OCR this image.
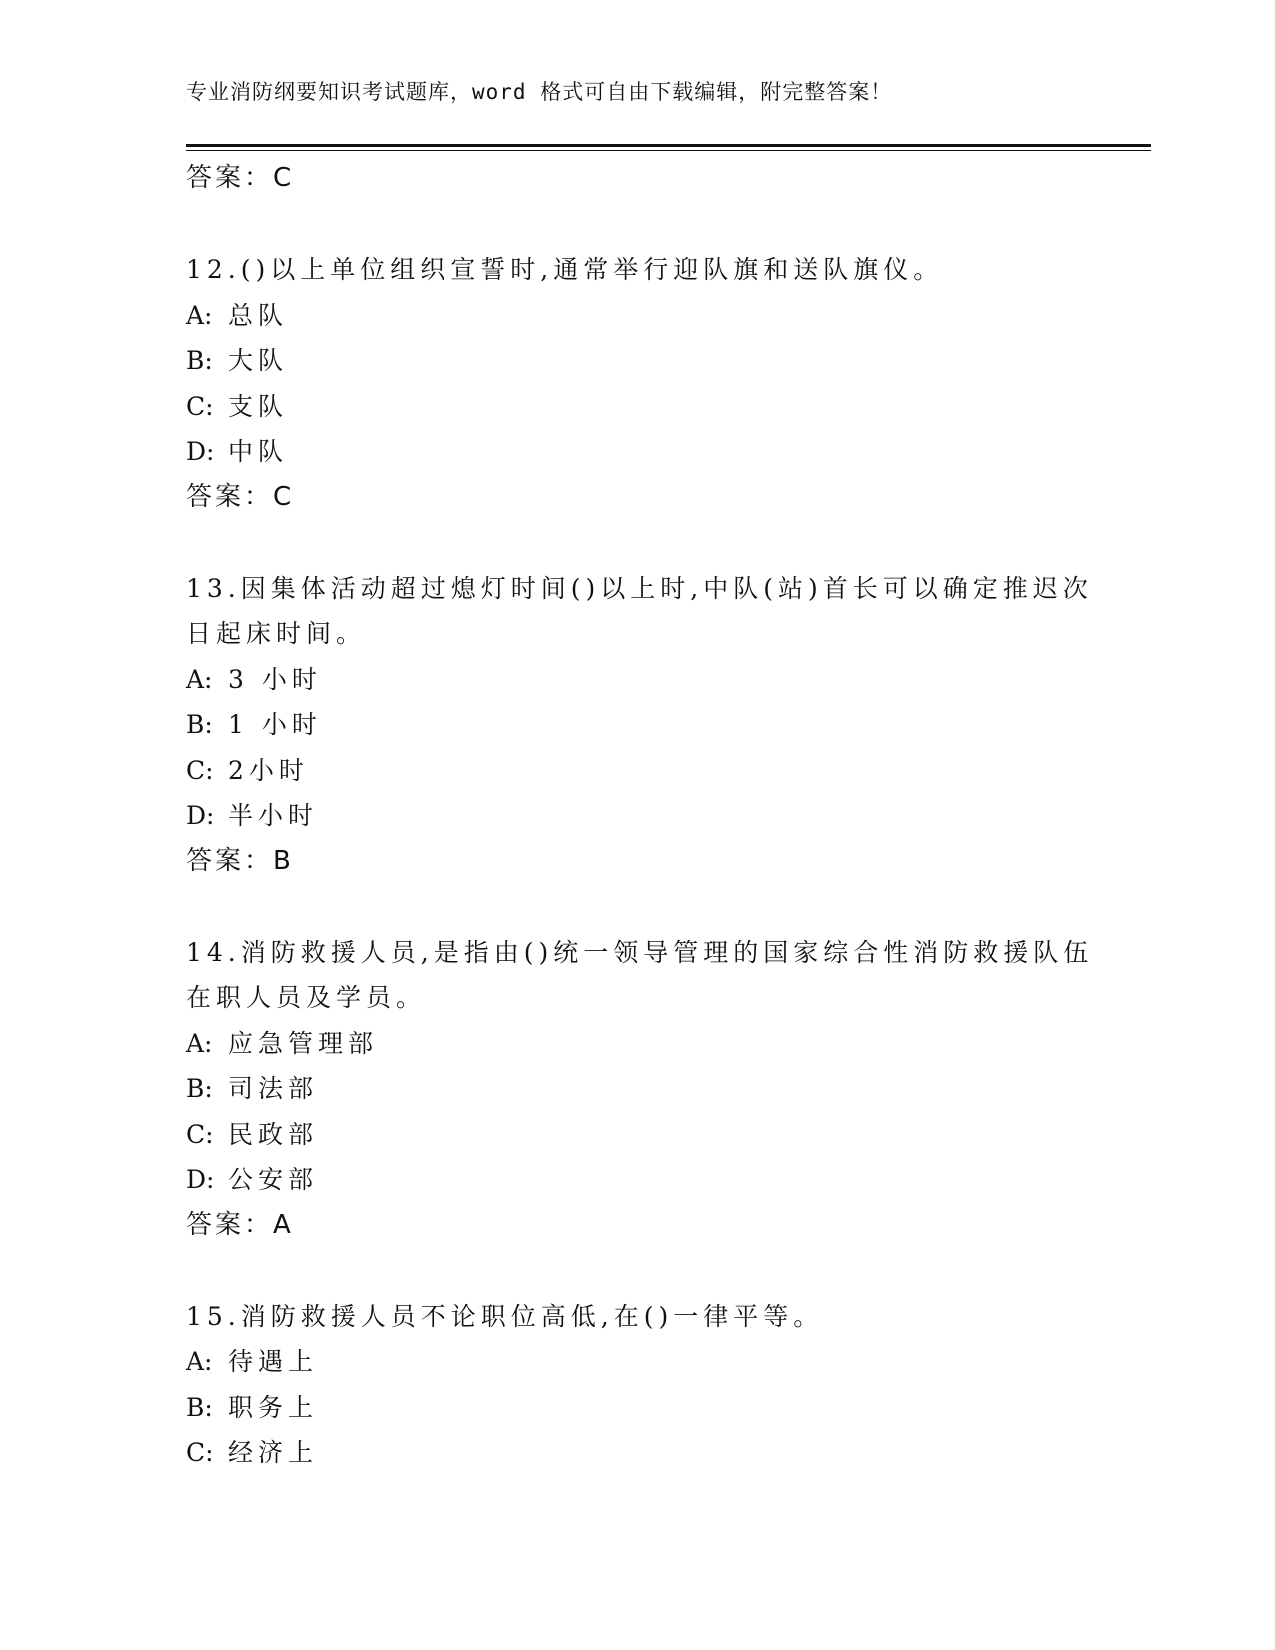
专业消防纲要知识考试题库，word 格式可自由下载编辑，附完整答案！
答案：C
12.()以上单位组织宣誓时,通常举行迎队旗和送队旗仪。
A: 总队
B: 大队
C: 支队
D: 中队
答案：C
13.因集体活动超过熄灯时间()以上时,中队(站)首长可以确定推迟次
日起床时间。
A: 3 小时
B: 1 小时
C: 2小时
D: 半小时
答案：B
14.消防救援人员,是指由()统一领导管理的国家综合性消防救援队伍
在职人员及学员。
A: 应急管理部
B: 司法部
C: 民政部
D: 公安部
答案：A
15.消防救援人员不论职位高低,在()一律平等。
A: 待遇上
B: 职务上
C: 经济上
